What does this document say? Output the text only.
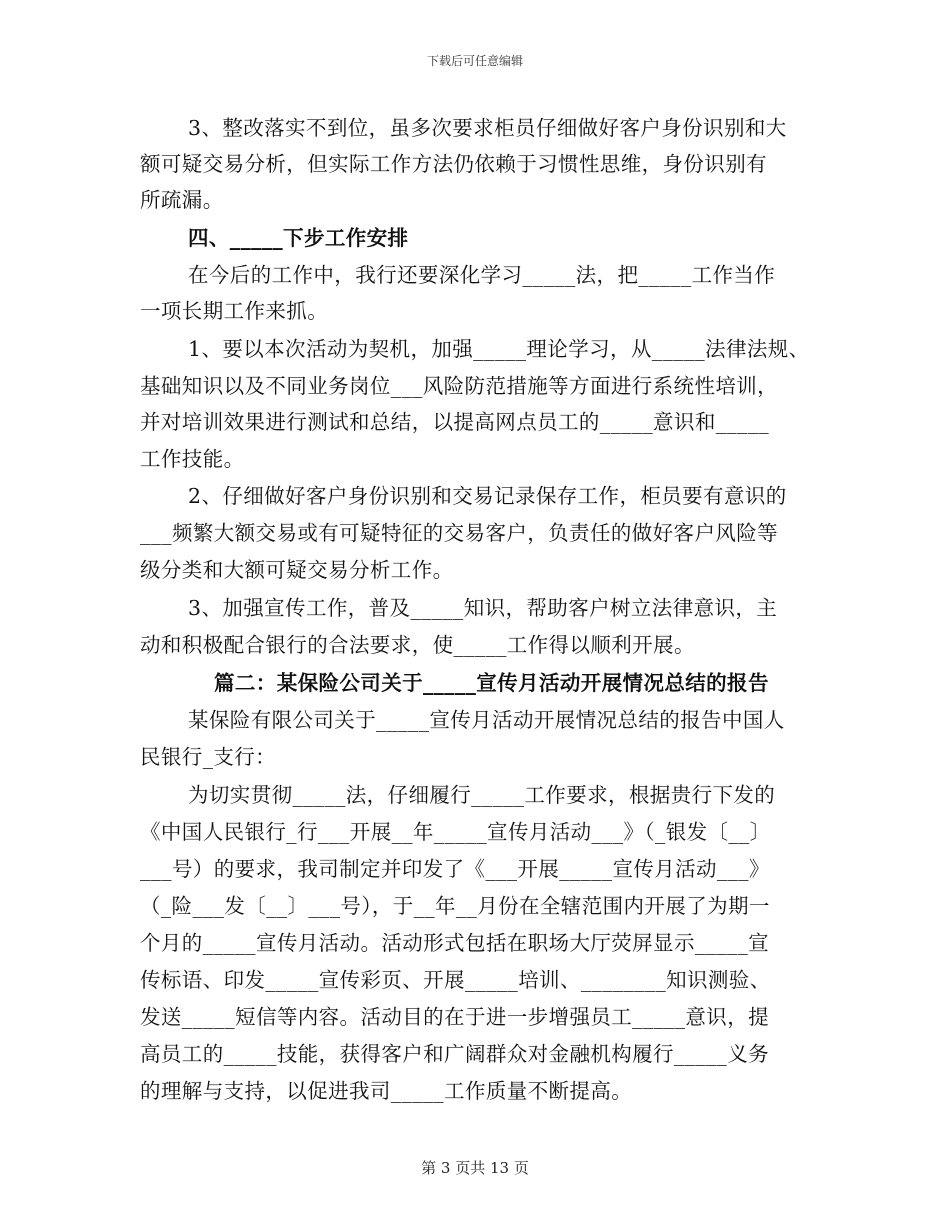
下载后可任意编辑
3、整改落实不到位，虽多次要求柜员仔细做好客户身份识别和大
额可疑交易分析，但实际工作方法仍依赖于习惯性思维，身份识别有
所疏漏。
四、_____下步工作安排
在今后的工作中，我行还要深化学习_____法，把_____工作当作
一项长期工作来抓。
1、要以本次活动为契机，加强_____理论学习，从_____法律法规、
基础知识以及不同业务岗位___风险防范措施等方面进行系统性培训，
并对培训效果进行测试和总结，以提高网点员工的_____意识和_____
工作技能。
2、仔细做好客户身份识别和交易记录保存工作，柜员要有意识的
___频繁大额交易或有可疑特征的交易客户，负责任的做好客户风险等
级分类和大额可疑交易分析工作。
3、加强宣传工作，普及_____知识，帮助客户树立法律意识，主
动和积极配合银行的合法要求，使_____工作得以顺利开展。
篇二：某保险公司关于_____宣传月活动开展情况总结的报告
某保险有限公司关于_____宣传月活动开展情况总结的报告中国人
民银行_支行：
为切实贯彻_____法，仔细履行_____工作要求，根据贵行下发的
《中国人民银行_行___开展__年_____宣传月活动___》（_银发〔__〕
___号）的要求，我司制定并印发了《___开展_____宣传月活动___》
（_险___发〔__〕___号），于__年__月份在全辖范围内开展了为期一
个月的_____宣传月活动。活动形式包括在职场大厅荧屏显示_____宣
传标语、印发_____宣传彩页、开展_____培训、________知识测验、
发送_____短信等内容。活动目的在于进一步增强员工_____意识，提
高员工的_____技能，获得客户和广阔群众对金融机构履行_____义务
的理解与支持，以促进我司_____工作质量不断提高。
第 3 页共 13 页
